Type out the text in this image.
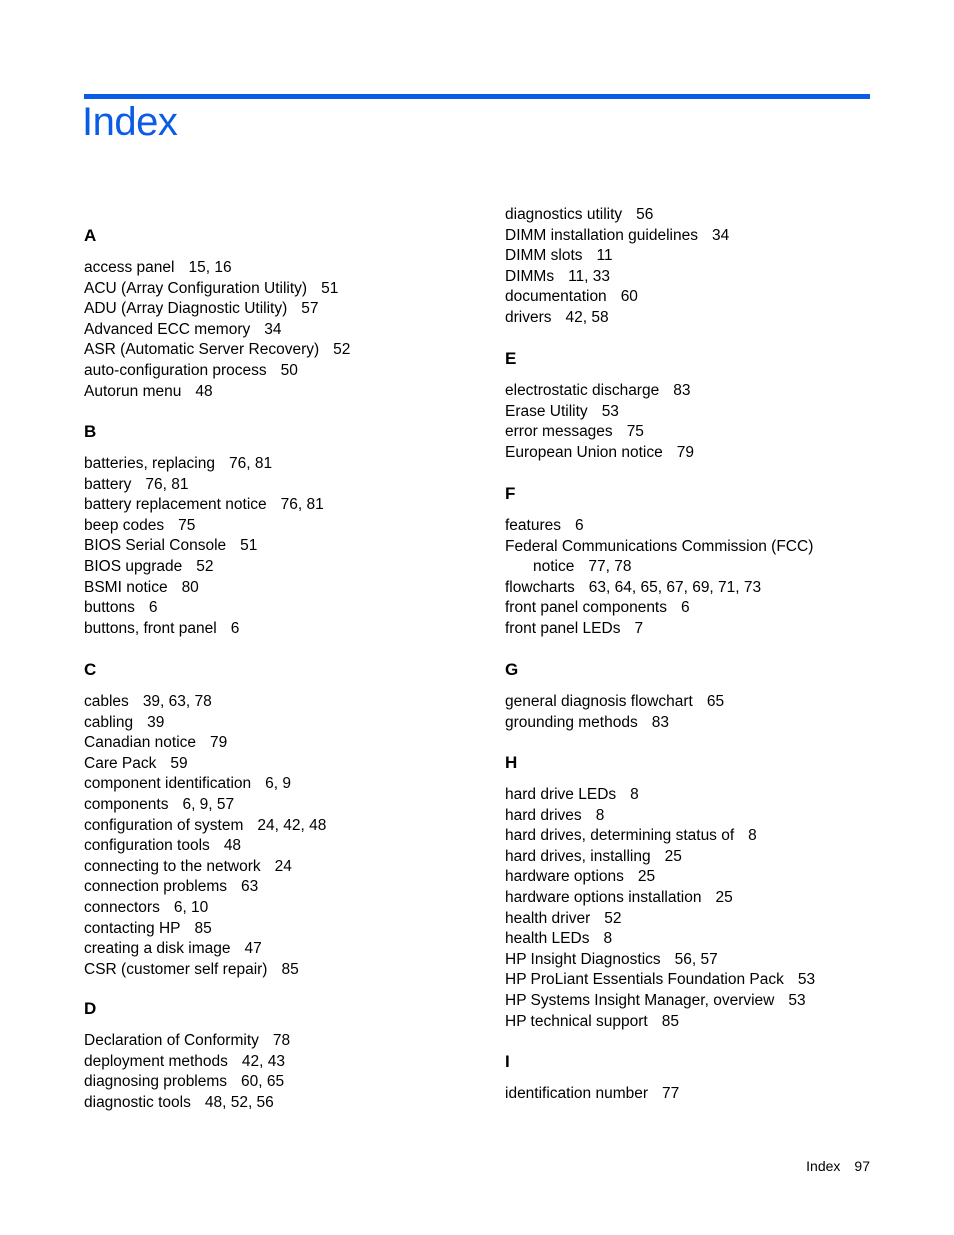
Index
A
access panel 15, 16
ACU (Array Configuration Utility) 51
ADU (Array Diagnostic Utility) 57
Advanced ECC memory 34
ASR (Automatic Server Recovery) 52
auto-configuration process 50
Autorun menu 48
B
batteries, replacing 76, 81
battery 76, 81
battery replacement notice 76, 81
beep codes 75
BIOS Serial Console 51
BIOS upgrade 52
BSMI notice 80
buttons 6
buttons, front panel 6
C
cables 39, 63, 78
cabling 39
Canadian notice 79
Care Pack 59
component identification 6, 9
components 6, 9, 57
configuration of system 24, 42, 48
configuration tools 48
connecting to the network 24
connection problems 63
connectors 6, 10
contacting HP 85
creating a disk image 47
CSR (customer self repair) 85
D
Declaration of Conformity 78
deployment methods 42, 43
diagnosing problems 60, 65
diagnostic tools 48, 52, 56
diagnostics utility 56
DIMM installation guidelines 34
DIMM slots 11
DIMMs 11, 33
documentation 60
drivers 42, 58
E
electrostatic discharge 83
Erase Utility 53
error messages 75
European Union notice 79
F
features 6
Federal Communications Commission (FCC)
notice 77, 78
flowcharts 63, 64, 65, 67, 69, 71, 73
front panel components 6
front panel LEDs 7
G
general diagnosis flowchart 65
grounding methods 83
H
hard drive LEDs 8
hard drives 8
hard drives, determining status of 8
hard drives, installing 25
hardware options 25
hardware options installation 25
health driver 52
health LEDs 8
HP Insight Diagnostics 56, 57
HP ProLiant Essentials Foundation Pack 53
HP Systems Insight Manager, overview 53
HP technical support 85
I
identification number 77
Index 97
